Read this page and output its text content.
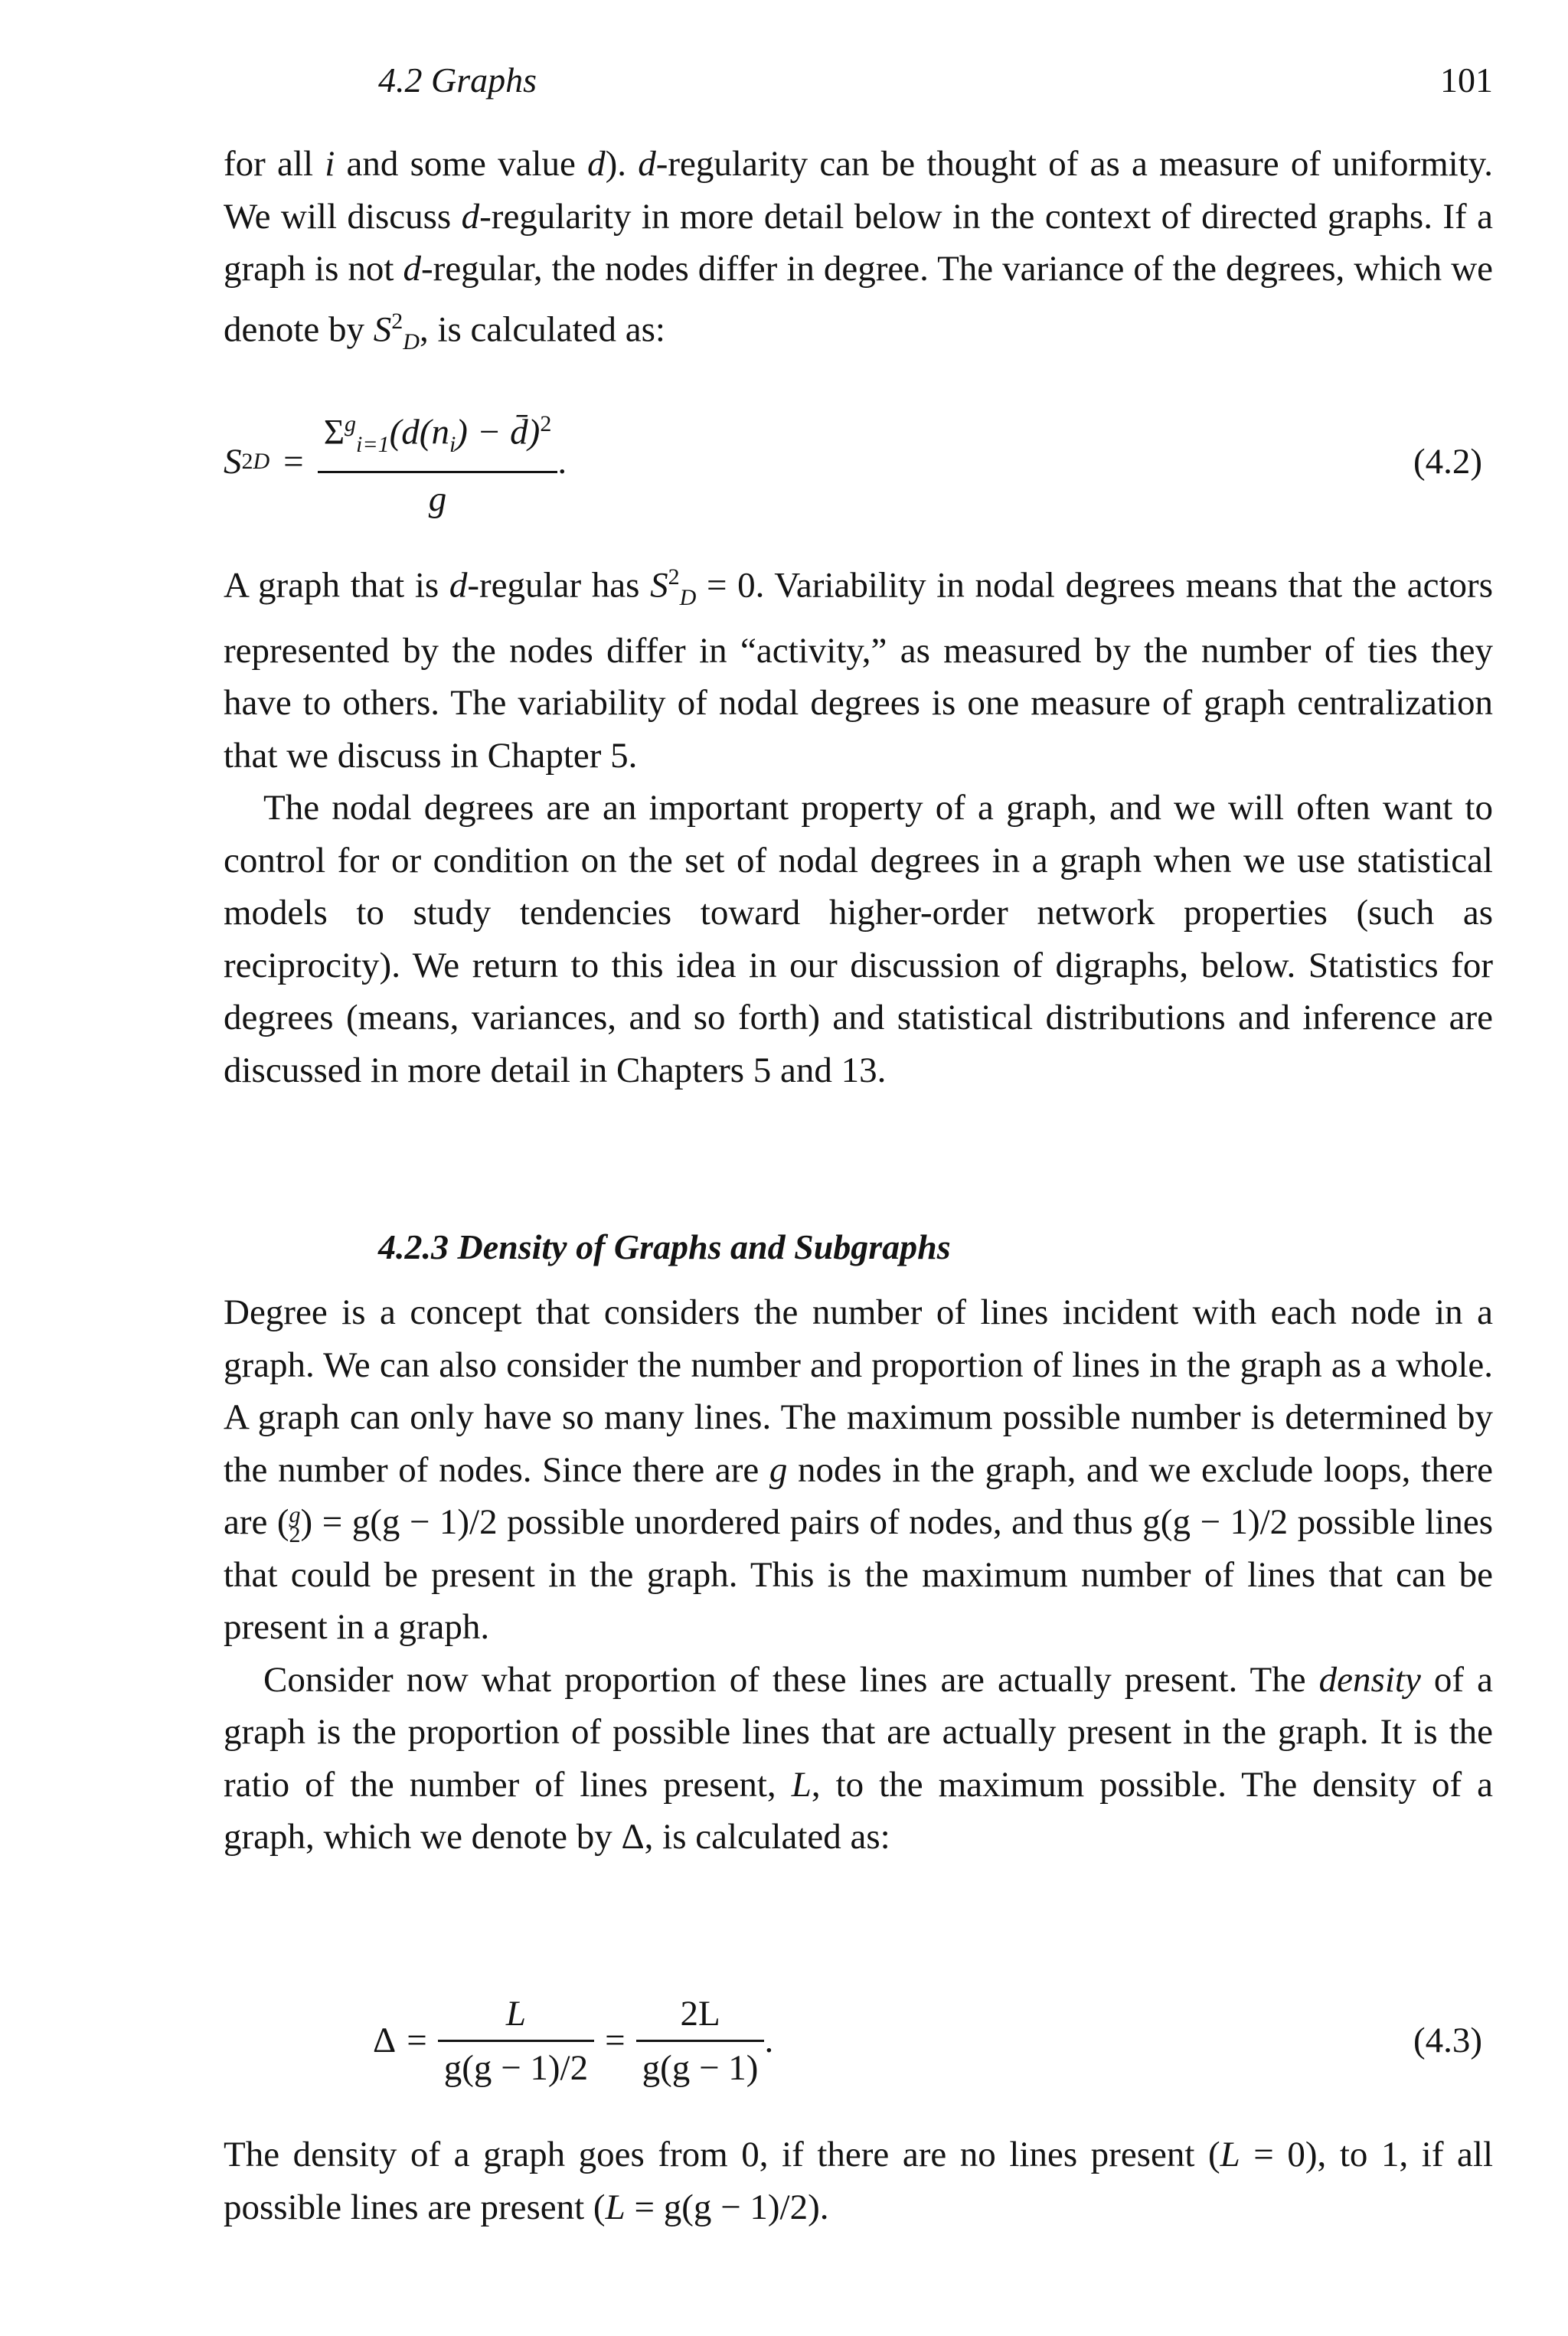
4.2 Graphs	101

for all i and some value d). d-regularity can be thought of as a measure of uniformity. We will discuss d-regularity in more detail below in the context of directed graphs. If a graph is not d-regular, the nodes differ in degree. The variance of the degrees, which we denote by $S^2_D$, is calculated as:

S 2 $D = \frac{\Sigma^g_{i=1}(d(n_i) - d̄)^2}{g}$ .	(4.2)

A graph that is d-regular has $S^2_D = 0$. Variability in nodal degrees means that the actors represented by the nodes differ in “activity,” as measured by the number of ties they have to others. The variability of nodal degrees is one measure of graph centralization that we discuss in Chapter 5.

The nodal degrees are an important property of a graph, and we will often want to control for or condition on the set of nodal degrees in a graph when we use statistical models to study tendencies toward higher-order network properties (such as reciprocity). We return to this idea in our discussion of digraphs, below. Statistics for degrees (means, variances, and so forth) and statistical distributions and inference are discussed in more detail in Chapters 5 and 13.

4.2.3 Density of Graphs and Subgraphs

Degree is a concept that considers the number of lines incident with each node in a graph. We can also consider the number and proportion of lines in the graph as a whole. A graph can only have so many lines. The maximum possible number is determined by the number of nodes. Since there are g nodes in the graph, and we exclude loops, there are (g
2) = g(g − 1)/2 possible unordered pairs of nodes, and thus g(g − 1)/2 possible lines that could be present in the graph. This is the maximum number of lines that can be present in a graph.

Consider now what proportion of these lines are actually present. The density of a graph is the proportion of possible lines that are actually present in the graph. It is the ratio of the number of lines present, L, to the maximum possible. The density of a graph, which we denote by Δ, is calculated as:

$\Delta = \frac{L}{g(g - 1)/2} = \frac{2L}{g(g - 1)}$ .	(4.3)

The density of a graph goes from 0, if there are no lines present (L = 0), to 1, if all possible lines are present (L = g(g − 1)/2).
